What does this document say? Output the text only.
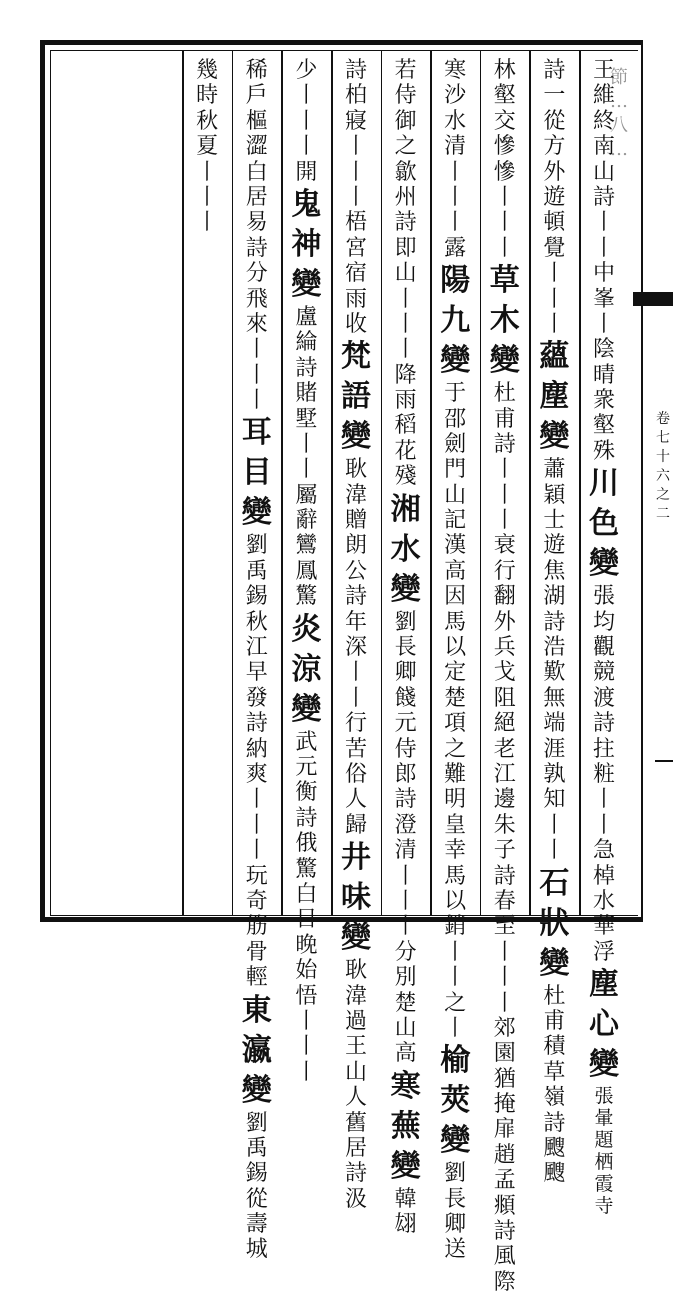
節
…
八
…
卷
七
十
六
之
二
王
維
終
南
山
詩
丨
丨
中
峯
丨
陰
晴
衆
壑
殊
川
色
變
張
均
觀
競
渡
詩
拄
粧
丨
丨
急
棹
水
華
浮
塵
心
變
張
暈
題
栖
霞
寺
詩
一
從
方
外
遊
頓
覺
丨
丨
丨
蘊
塵
變
蕭
穎
士
遊
焦
湖
詩
浩
歎
無
端
涯
孰
知
丨
丨
石
狀
變
杜
甫
積
草
嶺
詩
颼
颼
林
壑
交
慘
慘
丨
丨
丨
草
木
變
杜
甫
詩
丨
丨
丨
衰
行
翻
外
兵
戈
阻
絕
老
江
邊
朱
子
詩
春
至
丨
丨
丨
郊
園
猶
掩
扉
趙
孟
頫
詩
風
際
寒
沙
水
清
丨
丨
丨
露
陽
九
變
于
邵
劍
門
山
記
漢
高
因
馬
以
定
楚
項
之
難
明
皇
幸
馬
以
銷
丨
丨
之
丨
榆
莢
變
劉
長
卿
送
若
侍
御
之
歙
州
詩
即
山
丨
丨
丨
降
雨
稻
花
殘
湘
水
變
劉
長
卿
餞
元
侍
郎
詩
澄
清
丨
丨
丨
分
別
楚
山
高
寒
蕪
變
韓
翃
詩
柏
寢
丨
丨
丨
梧
宮
宿
雨
收
梵
語
變
耿
湋
贈
朗
公
詩
年
深
丨
丨
行
苦
俗
人
歸
井
味
變
耿
湋
過
王
山
人
舊
居
詩
汲
少
丨
丨
丨
開
鬼
神
變
盧
綸
詩
賭
墅
丨
丨
屬
辭
鸞
鳳
驚
炎
涼
變
武
元
衡
詩
俄
驚
白
日
晚
始
悟
丨
丨
丨
稀
戶
樞
澀
白
居
易
詩
分
飛
來
丨
丨
丨
耳
目
變
劉
禹
錫
秋
江
早
發
詩
納
爽
丨
丨
丨
玩
奇
筋
骨
輕
東
瀛
變
劉
禹
錫
從
壽
城
幾
時
秋
夏
丨
丨
丨
